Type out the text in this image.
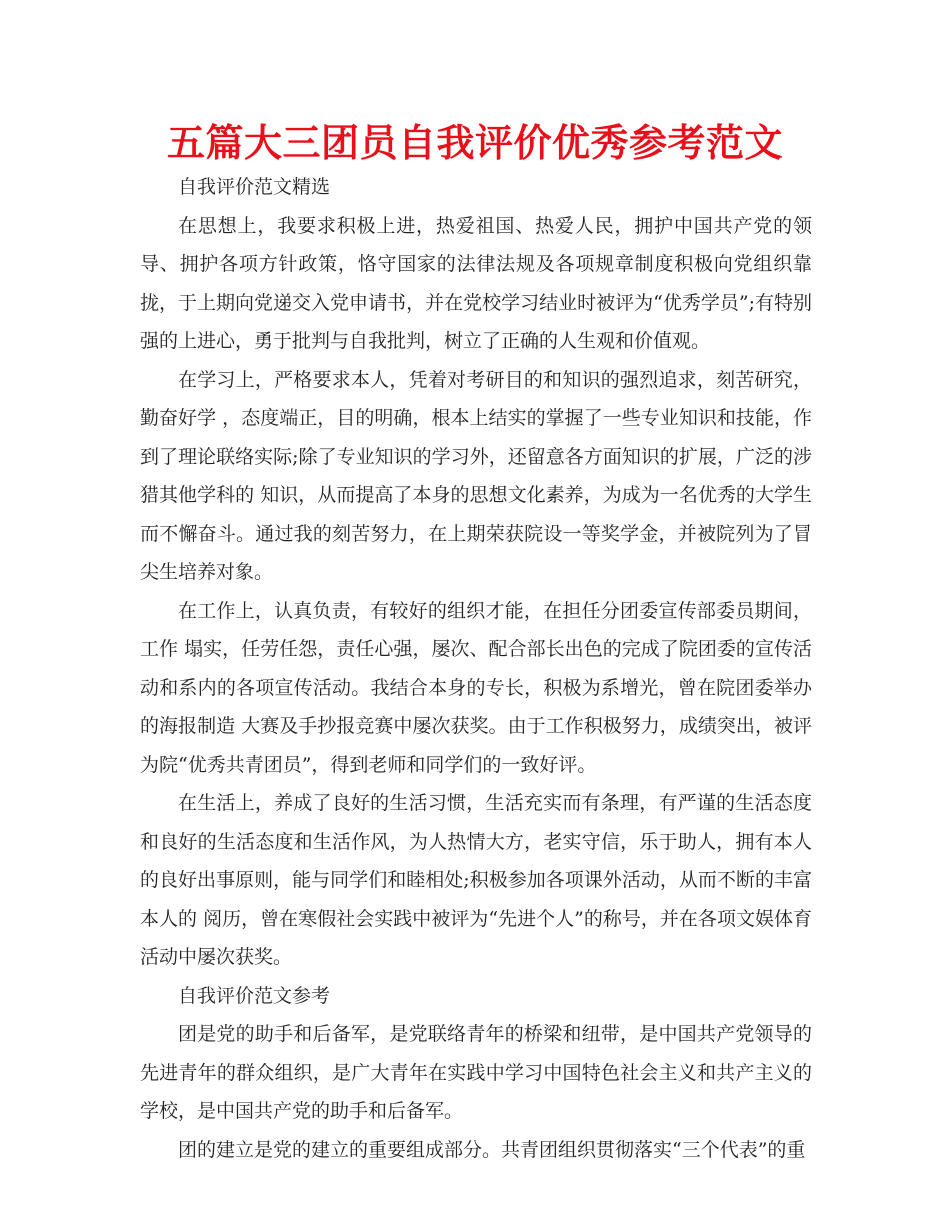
五篇大三团员自我评价优秀参考范文

自我评价范文精选

在思想上，我要求积极上进，热爱祖国、热爱人民，拥护中国共产党的领导、拥护各项方针政策，恪守国家的法律法规及各项规章制度积极向党组织靠拢，于上期向党递交入党申请书，并在党校学习结业时被评为“优秀学员”;有特别强的上进心，勇于批判与自我批判，树立了正确的人生观和价值观。

在学习上，严格要求本人，凭着对考研目的和知识的强烈追求，刻苦研究，勤奋好学 ，态度端正，目的明确，根本上结实的掌握了一些专业知识和技能，作到了理论联络实际;除了专业知识的学习外，还留意各方面知识的扩展，广泛的涉猎其他学科的 知识，从而提高了本身的思想文化素养，为成为一名优秀的大学生而不懈奋斗。通过我的刻苦努力，在上期荣获院设一等奖学金，并被院列为了冒尖生培养对象。

在工作上，认真负责，有较好的组织才能，在担任分团委宣传部委员期间，工作 塌实，任劳任怨，责任心强，屡次、配合部长出色的完成了院团委的宣传活动和系内的各项宣传活动。我结合本身的专长，积极为系增光，曾在院团委举办的海报制造 大赛及手抄报竞赛中屡次获奖。由于工作积极努力，成绩突出，被评为院“优秀共青团员”，得到老师和同学们的一致好评。

在生活上，养成了良好的生活习惯，生活充实而有条理，有严谨的生活态度和良好的生活态度和生活作风，为人热情大方，老实守信，乐于助人，拥有本人的良好出事原则，能与同学们和睦相处;积极参加各项课外活动，从而不断的丰富本人的 阅历，曾在寒假社会实践中被评为“先进个人”的称号，并在各项文娱体育活动中屡次获奖。

自我评价范文参考

团是党的助手和后备军，是党联络青年的桥梁和纽带，是中国共产党领导的先进青年的群众组织，是广大青年在实践中学习中国特色社会主义和共产主义的学校，是中国共产党的助手和后备军。

团的建立是党的建立的重要组成部分。共青团组织贯彻落实“三个代表”的重
